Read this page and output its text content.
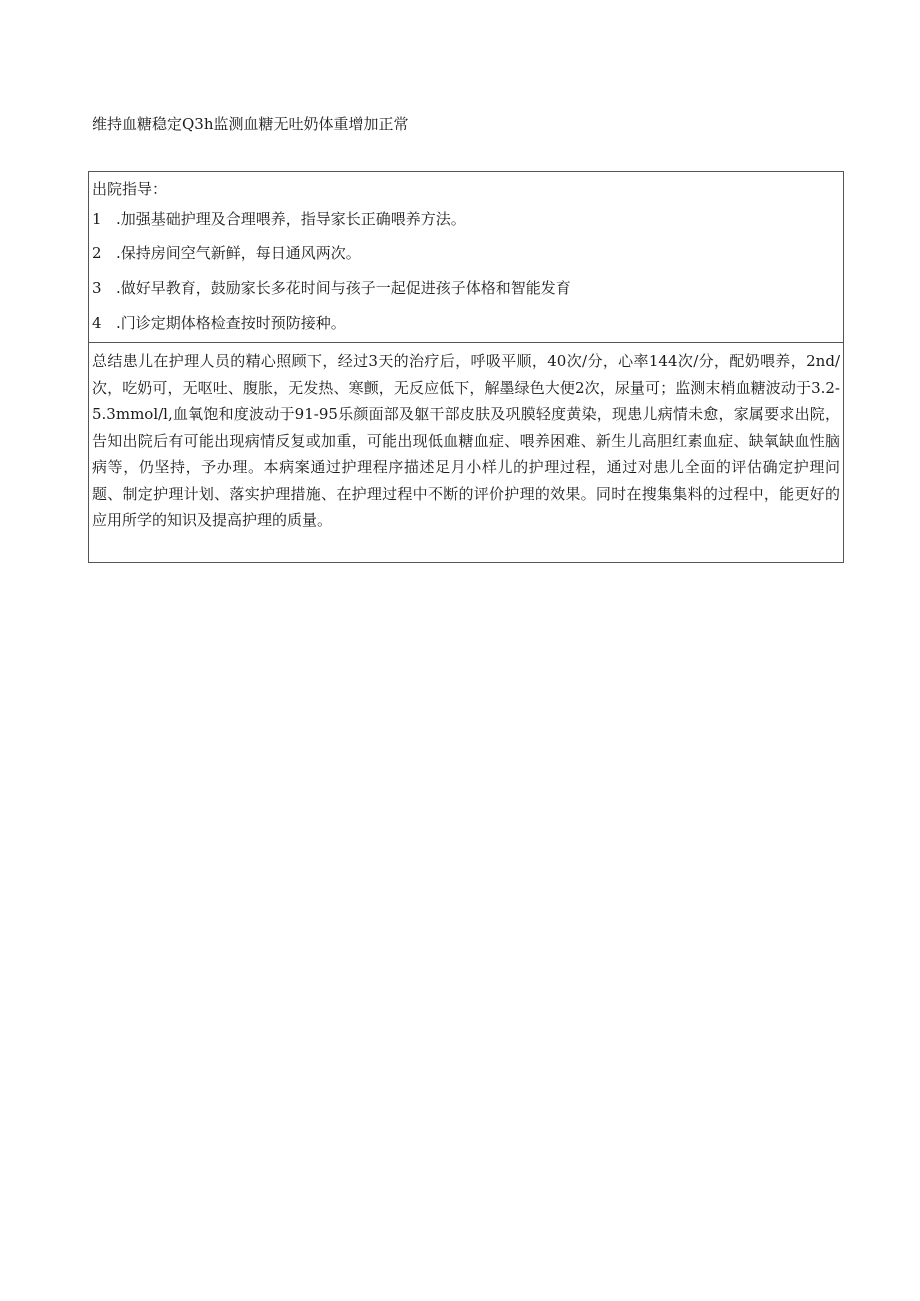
维持血糖稳定Q3h监测血糖无吐奶体重增加正常
出院指导：
1 .加强基础护理及合理喂养，指导家长正确喂养方法。
2 .保持房间空气新鲜，每日通风两次。
3 .做好早教育，鼓励家长多花时间与孩子一起促进孩子体格和智能发育
4 .门诊定期体格检查按时预防接种。
总结患儿在护理人员的精心照顾下，经过3天的治疗后，呼吸平顺，40次/分，心率144次/分，配奶喂养，2nd/次，吃奶可，无呕吐、腹胀，无发热、寒颤，无反应低下，解墨绿色大便2次，尿量可；监测末梢血糖波动于3.2-5.3mmol/l,血氧饱和度波动于91-95乐颜面部及躯干部皮肤及巩膜轻度黄染，现患儿病情未愈，家属要求出院，告知出院后有可能出现病情反复或加重，可能出现低血糖血症、喂养困难、新生儿高胆红素血症、缺氧缺血性脑病等，仍坚持，予办理。本病案通过护理程序描述足月小样儿的护理过程，通过对患儿全面的评估确定护理问题、制定护理计划、落实护理措施、在护理过程中不断的评价护理的效果。同时在搜集集料的过程中，能更好的应用所学的知识及提高护理的质量。
